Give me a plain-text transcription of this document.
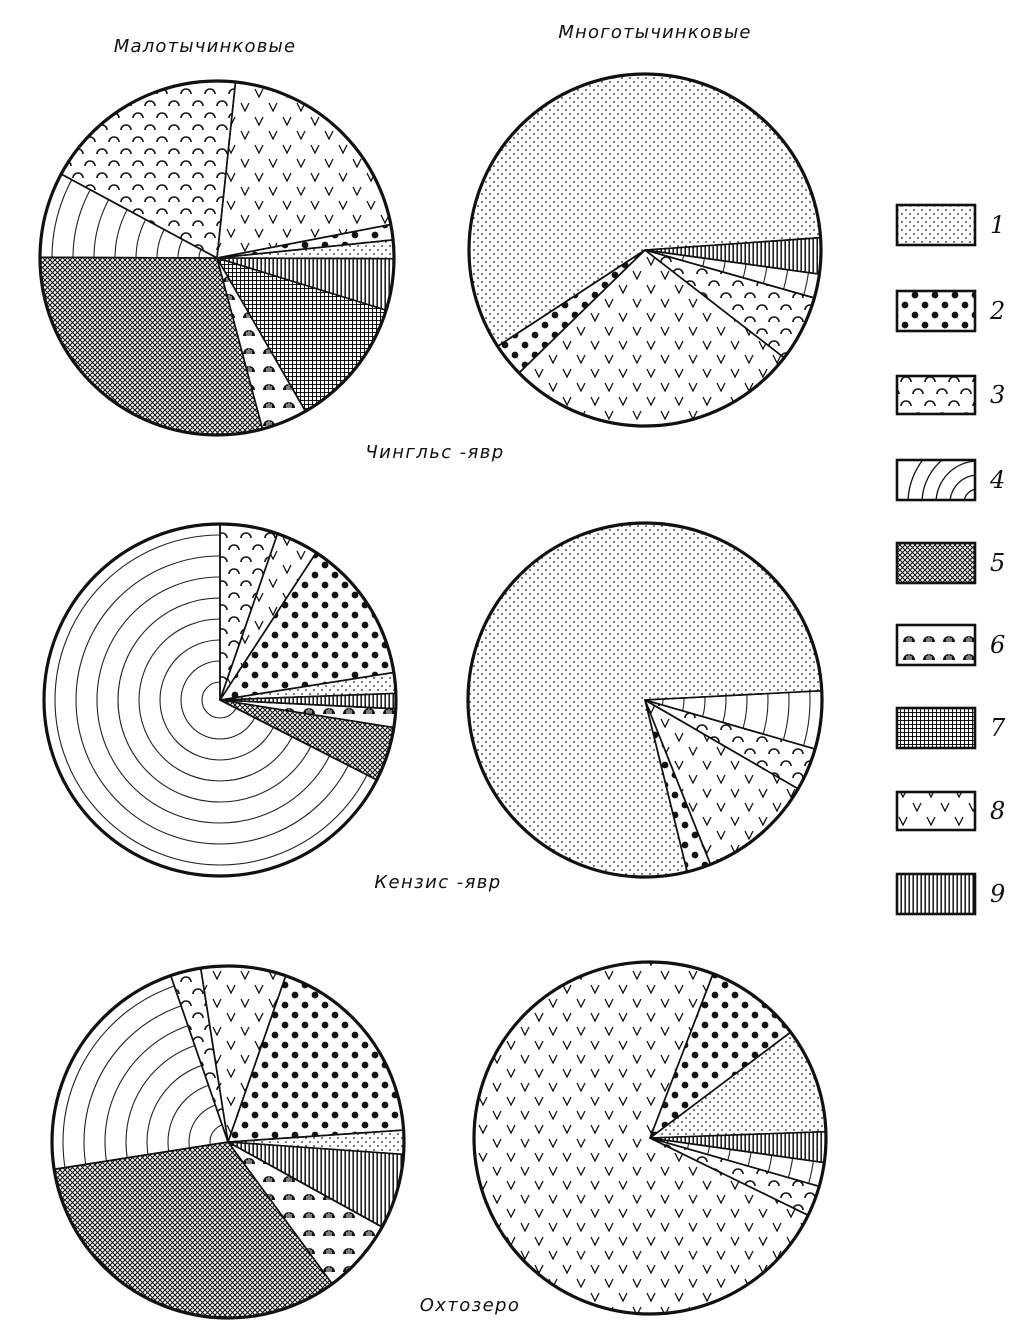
Малотычинковые
Многотычинковые
Чингльс -явр
Кензис -явр
Охтозеро
1
2
3
4
5
6
7
8
9
